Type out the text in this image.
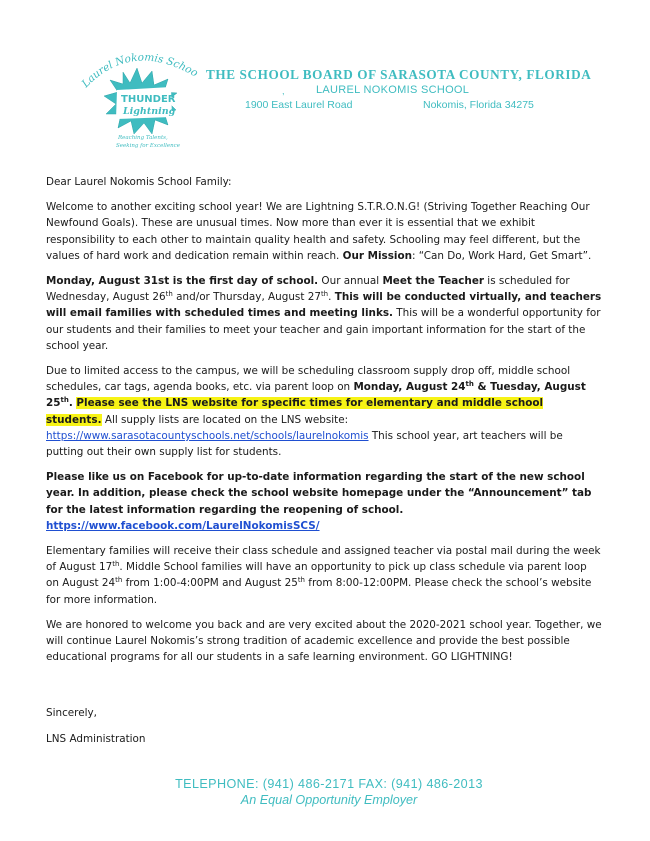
Laurel Nokomis Schoo
THUNDER
Lightning
Reaching Talents,
Seeking for Excellence
THE SCHOOL BOARD OF SARASOTA COUNTY, FLORIDA
,	LAUREL NOKOMIS SCHOOL
1900 East Laurel Road	Nokomis, Florida 34275

Dear Laurel Nokomis School Family:

Welcome to another exciting school year! We are Lightning S.T.R.O.N.G! (Striving Together Reaching Our Newfound Goals). These are unusual times. Now more than ever it is essential that we exhibit responsibility to each other to maintain quality health and safety. Schooling may feel different, but the values of hard work and dedication remain within reach. Our Mission: “Can Do, Work Hard, Get Smart”.

Monday, August 31st is the first day of school. Our annual Meet the Teacher is scheduled for Wednesday, August 26th and/or Thursday, August 27th. This will be conducted virtually, and teachers will email families with scheduled times and meeting links. This will be a wonderful opportunity for our students and their families to meet your teacher and gain important information for the start of the school year.

Due to limited access to the campus, we will be scheduling classroom supply drop off, middle school schedules, car tags, agenda books, etc. via parent loop on Monday, August 24th & Tuesday, August 25th. Please see the LNS website for specific times for elementary and middle school students. All supply lists are located on the LNS website: https://www.sarasotacountyschools.net/schools/laurelnokomis This school year, art teachers will be putting out their own supply list for students.

Please like us on Facebook for up-to-date information regarding the start of the new school year. In addition, please check the school website homepage under the “Announcement” tab for the latest information regarding the reopening of school. https://www.facebook.com/LaurelNokomisSCS/

Elementary families will receive their class schedule and assigned teacher via postal mail during the week of August 17th. Middle School families will have an opportunity to pick up class schedule via parent loop on August 24th from 1:00-4:00PM and August 25th from 8:00-12:00PM. Please check the school’s website for more information.

We are honored to welcome you back and are very excited about the 2020-2021 school year. Together, we will continue Laurel Nokomis’s strong tradition of academic excellence and provide the best possible educational programs for all our students in a safe learning environment. GO LIGHTNING!

Sincerely,

LNS Administration

TELEPHONE: (941) 486-2171 FAX: (941) 486-2013
An Equal Opportunity Employer
